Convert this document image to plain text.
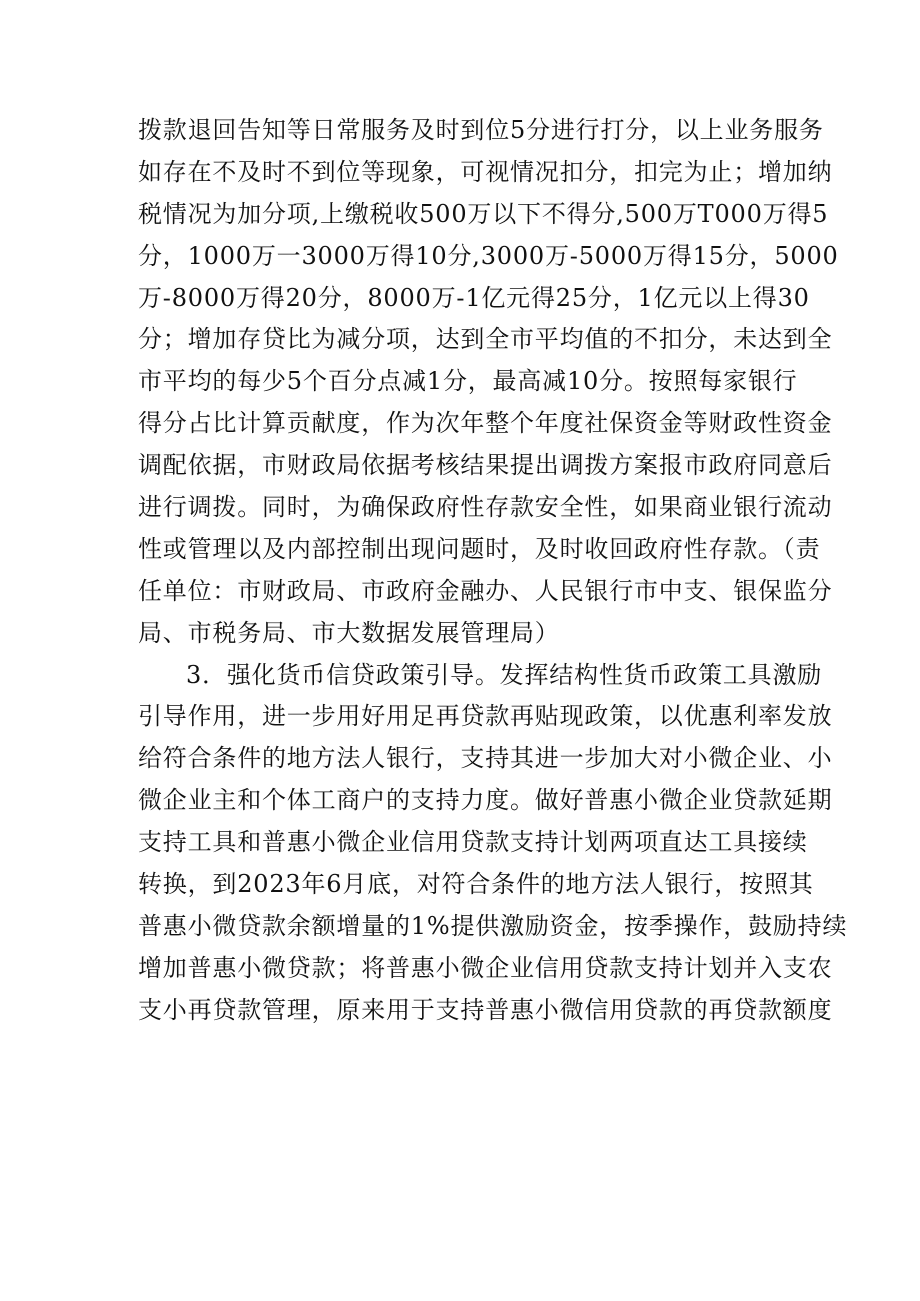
拨款退回告知等日常服务及时到位5分进行打分，以上业务服务
如存在不及时不到位等现象，可视情况扣分，扣完为止；增加纳
税情况为加分项,上缴税收500万以下不得分,500万T000万得5
分，1000万一3000万得10分,3000万-5000万得15分，5000
万-8000万得20分，8000万-1亿元得25分，1亿元以上得30
分；增加存贷比为减分项，达到全市平均值的不扣分，未达到全
市平均的每少5个百分点减1分，最高减10分。按照每家银行
得分占比计算贡献度，作为次年整个年度社保资金等财政性资金
调配依据，市财政局依据考核结果提出调拨方案报市政府同意后
进行调拨。同时，为确保政府性存款安全性，如果商业银行流动
性或管理以及内部控制出现问题时，及时收回政府性存款。（责
任单位：市财政局、市政府金融办、人民银行市中支、银保监分
局、市税务局、市大数据发展管理局）
3．强化货币信贷政策引导。发挥结构性货币政策工具激励
引导作用，进一步用好用足再贷款再贴现政策，以优惠利率发放
给符合条件的地方法人银行，支持其进一步加大对小微企业、小
微企业主和个体工商户的支持力度。做好普惠小微企业贷款延期
支持工具和普惠小微企业信用贷款支持计划两项直达工具接续
转换，到2023年6月底，对符合条件的地方法人银行，按照其
普惠小微贷款余额增量的1%提供激励资金，按季操作，鼓励持续
增加普惠小微贷款；将普惠小微企业信用贷款支持计划并入支农
支小再贷款管理，原来用于支持普惠小微信用贷款的再贷款额度
